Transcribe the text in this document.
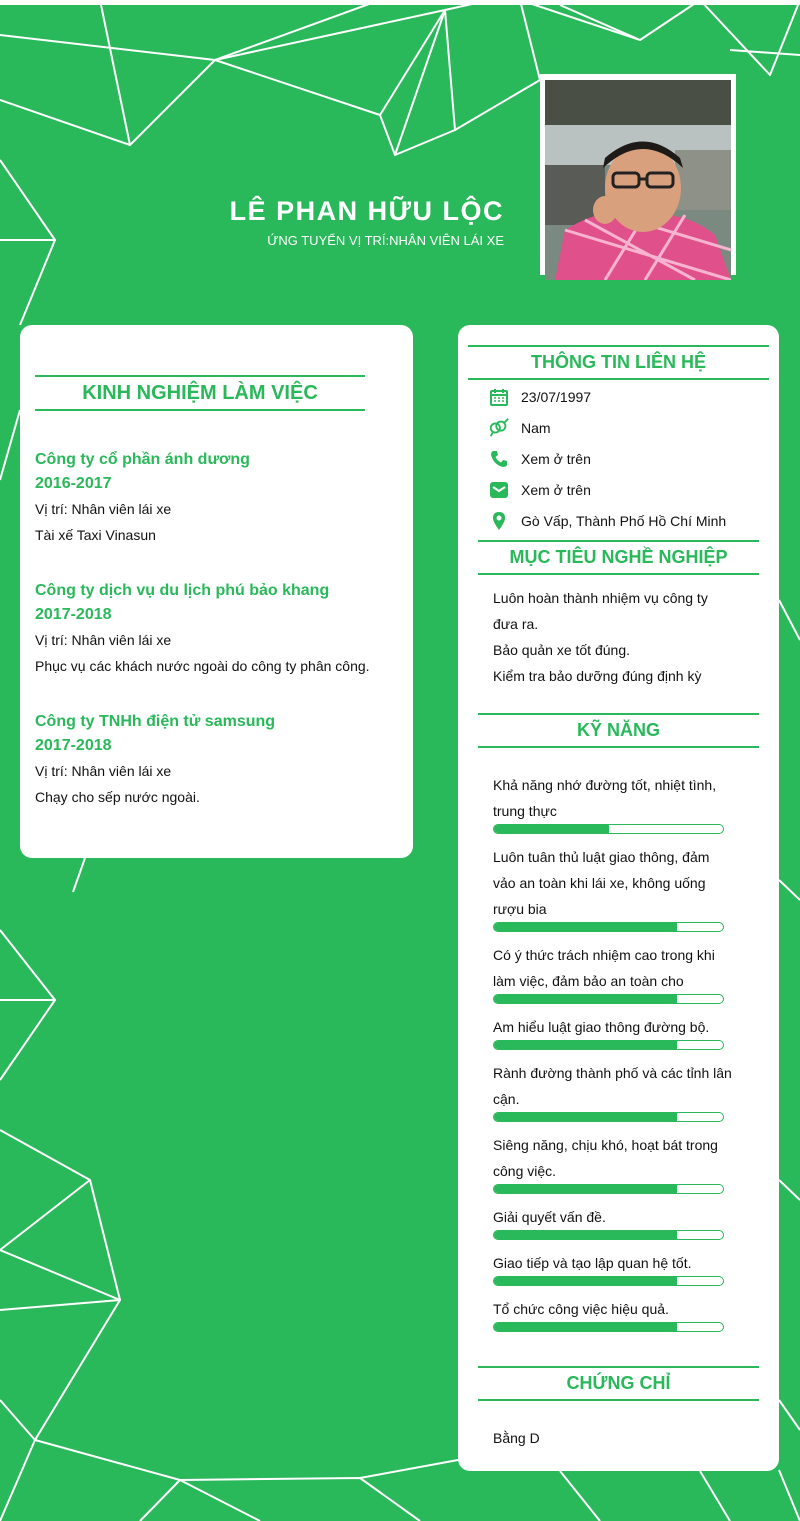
LÊ PHAN HỮU LỘC
ỨNG TUYỂN VỊ TRÍ:NHÂN VIÊN LÁI XE
KINH NGHIỆM LÀM VIỆC
Công ty cổ phần ánh dương
2016-2017
Vị trí: Nhân viên lái xe
Tài xế Taxi Vinasun
Công ty dịch vụ du lịch phú bảo khang
2017-2018
Vị trí: Nhân viên lái xe
Phục vụ các khách nước ngoài do công ty phân công.
Công ty TNHh điện tử samsung
2017-2018
Vị trí: Nhân viên lái xe
Chạy cho sếp nước ngoài.
THÔNG TIN LIÊN HỆ
23/07/1997
Nam
Xem ở trên
Xem ở trên
Gò Vấp, Thành Phố Hồ Chí Minh
MỤC TIÊU NGHỀ NGHIỆP
Luôn hoàn thành nhiệm vụ công ty
đưa ra.
Bảo quản xe tốt đúng.
Kiểm tra bảo dưỡng đúng định kỳ
KỸ NĂNG
Khả năng nhớ đường tốt, nhiệt tình, trung thực
Luôn tuân thủ luật giao thông, đảm vảo an toàn khi lái xe, không uống rượu bia
Có ý thức trách nhiệm cao trong khi làm việc, đảm bảo an toàn cho
Am hiểu luật giao thông đường bộ.
Rành đường thành phố và các tỉnh lân cận.
Siêng năng, chịu khó, hoạt bát trong công việc.
Giải quyết vấn đề.
Giao tiếp và tạo lập quan hệ tốt.
Tổ chức công việc hiệu quả.
CHỨNG CHỈ
Bằng D
